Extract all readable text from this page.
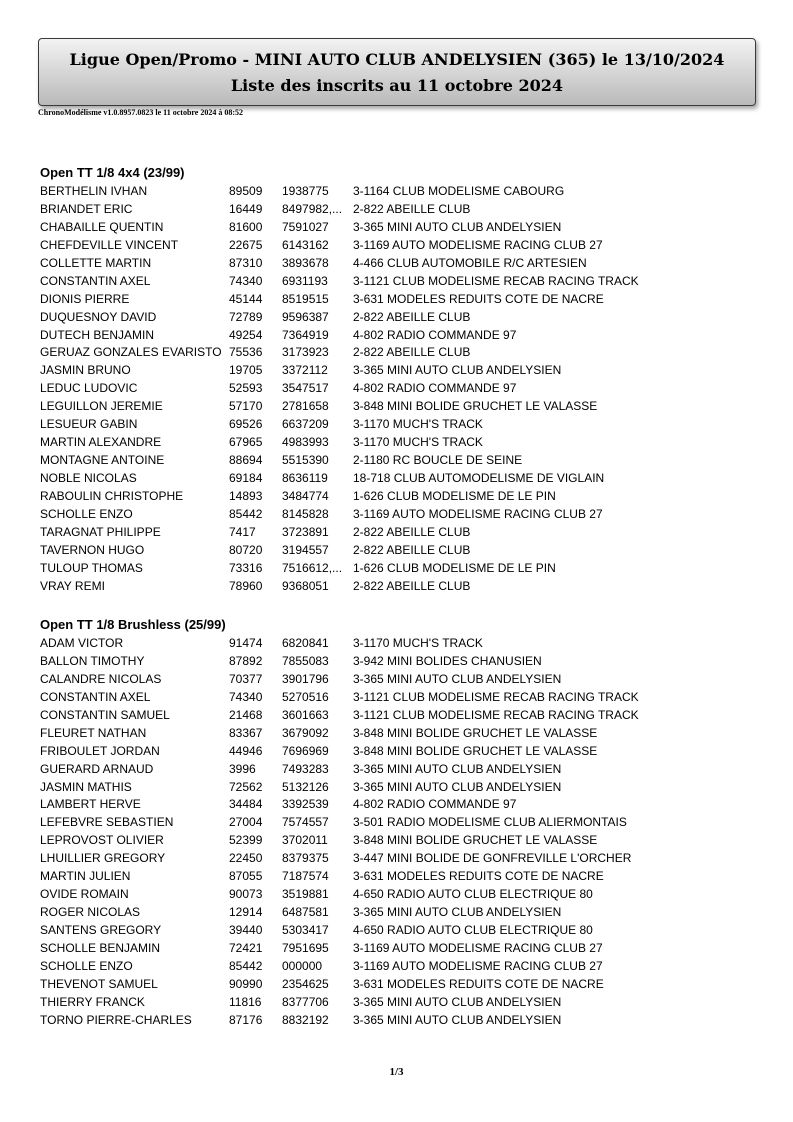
Ligue Open/Promo - MINI AUTO CLUB ANDELYSIEN (365) le 13/10/2024
Liste des inscrits au 11 octobre 2024
ChronoModélisme v1.0.8957.0823 le 11 octobre 2024 à 08:52
Open TT 1/8 4x4 (23/99)
BERTHELIN IVHAN	89509	1938775	3-1164 CLUB MODELISME CABOURG
BRIANDET ERIC	16449	8497982,... 2-822 ABEILLE CLUB
CHABAILLE QUENTIN	81600	7591027	3-365 MINI AUTO CLUB ANDELYSIEN
CHEFDEVILLE VINCENT	22675	6143162	3-1169 AUTO MODELISME RACING CLUB 27
COLLETTE MARTIN	87310	3893678	4-466 CLUB AUTOMOBILE R/C ARTESIEN
CONSTANTIN AXEL	74340	6931193	3-1121 CLUB MODELISME RECAB RACING TRACK
DIONIS PIERRE	45144	8519515	3-631 MODELES REDUITS COTE DE NACRE
DUQUESNOY DAVID	72789	9596387	2-822 ABEILLE CLUB
DUTECH BENJAMIN	49254	7364919	4-802 RADIO COMMANDE 97
GERUAZ GONZALES EVARISTO 75536	3173923	2-822 ABEILLE CLUB
JASMIN BRUNO	19705	3372112	3-365 MINI AUTO CLUB ANDELYSIEN
LEDUC LUDOVIC	52593	3547517	4-802 RADIO COMMANDE 97
LEGUILLON JEREMIE	57170	2781658	3-848 MINI BOLIDE GRUCHET LE VALASSE
LESUEUR GABIN	69526	6637209	3-1170 MUCH'S TRACK
MARTIN ALEXANDRE	67965	4983993	3-1170 MUCH'S TRACK
MONTAGNE ANTOINE	88694	5515390	2-1180 RC BOUCLE DE SEINE
NOBLE NICOLAS	69184	8636119	18-718 CLUB AUTOMODELISME DE VIGLAIN
RABOULIN CHRISTOPHE	14893	3484774	1-626 CLUB MODELISME DE LE PIN
SCHOLLE ENZO	85442	8145828	3-1169 AUTO MODELISME RACING CLUB 27
TARAGNAT PHILIPPE	7417	3723891	2-822 ABEILLE CLUB
TAVERNON HUGO	80720	3194557	2-822 ABEILLE CLUB
TULOUP THOMAS	73316	7516612,... 1-626 CLUB MODELISME DE LE PIN
VRAY REMI	78960	9368051	2-822 ABEILLE CLUB
Open TT 1/8 Brushless (25/99)
ADAM VICTOR	91474	6820841	3-1170 MUCH'S TRACK
BALLON TIMOTHY	87892	7855083	3-942 MINI BOLIDES CHANUSIEN
CALANDRE NICOLAS	70377	3901796	3-365 MINI AUTO CLUB ANDELYSIEN
CONSTANTIN AXEL	74340	5270516	3-1121 CLUB MODELISME RECAB RACING TRACK
CONSTANTIN SAMUEL	21468	3601663	3-1121 CLUB MODELISME RECAB RACING TRACK
FLEURET NATHAN	83367	3679092	3-848 MINI BOLIDE GRUCHET LE VALASSE
FRIBOULET JORDAN	44946	7696969	3-848 MINI BOLIDE GRUCHET LE VALASSE
GUERARD ARNAUD	3996	7493283	3-365 MINI AUTO CLUB ANDELYSIEN
JASMIN MATHIS	72562	5132126	3-365 MINI AUTO CLUB ANDELYSIEN
LAMBERT HERVE	34484	3392539	4-802 RADIO COMMANDE 97
LEFEBVRE SEBASTIEN	27004	7574557	3-501 RADIO MODELISME CLUB ALIERMONTAIS
LEPROVOST OLIVIER	52399	3702011	3-848 MINI BOLIDE GRUCHET LE VALASSE
LHUILLIER GREGORY	22450	8379375	3-447 MINI BOLIDE DE GONFREVILLE L'ORCHER
MARTIN JULIEN	87055	7187574	3-631 MODELES REDUITS COTE DE NACRE
OVIDE ROMAIN	90073	3519881	4-650 RADIO AUTO CLUB ELECTRIQUE 80
ROGER NICOLAS	12914	6487581	3-365 MINI AUTO CLUB ANDELYSIEN
SANTENS GREGORY	39440	5303417	4-650 RADIO AUTO CLUB ELECTRIQUE 80
SCHOLLE BENJAMIN	72421	7951695	3-1169 AUTO MODELISME RACING CLUB 27
SCHOLLE ENZO	85442	000000	3-1169 AUTO MODELISME RACING CLUB 27
THEVENOT SAMUEL	90990	2354625	3-631 MODELES REDUITS COTE DE NACRE
THIERRY FRANCK	11816	8377706	3-365 MINI AUTO CLUB ANDELYSIEN
TORNO PIERRE-CHARLES	87176	8832192	3-365 MINI AUTO CLUB ANDELYSIEN
1/3
